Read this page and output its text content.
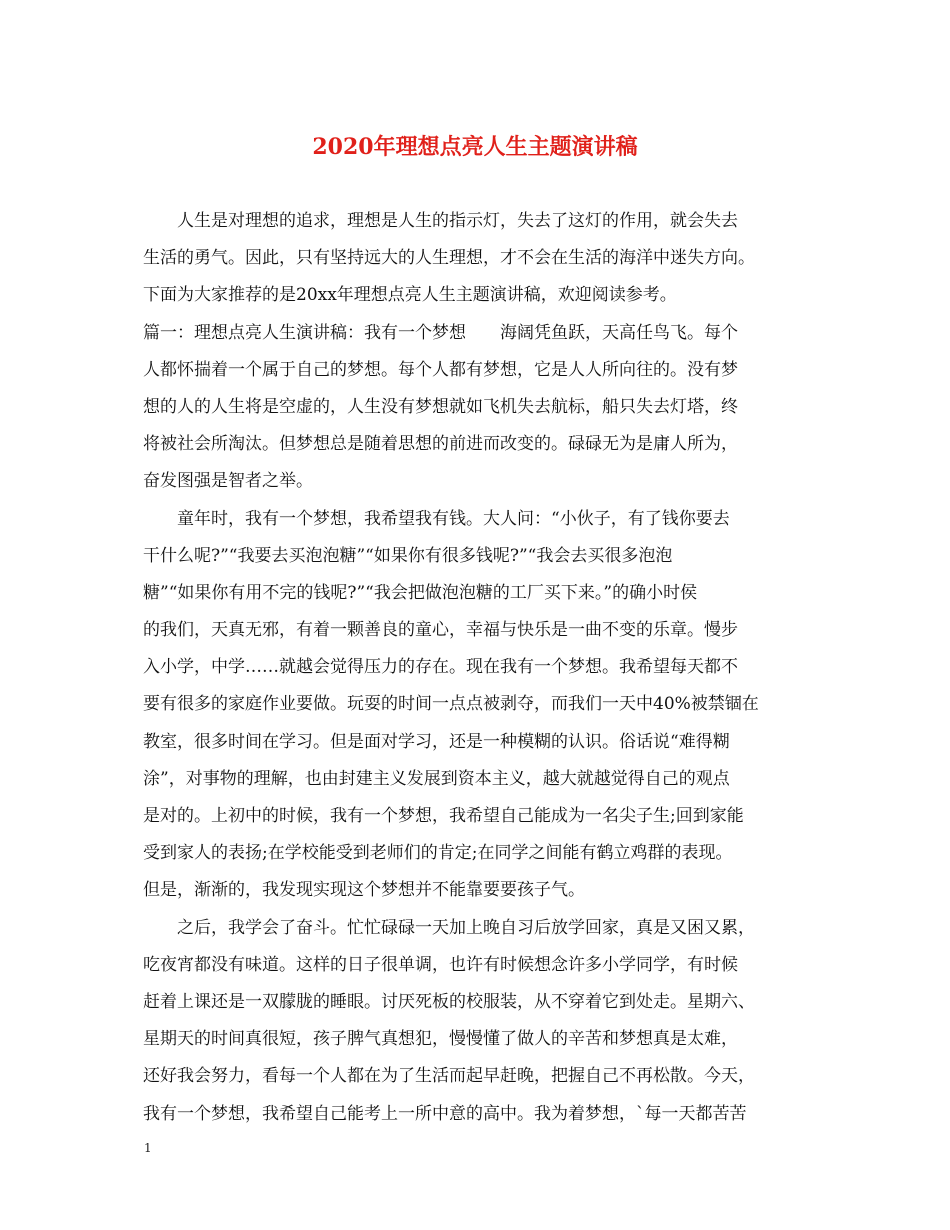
2020年理想点亮人生主题演讲稿
人生是对理想的追求，理想是人生的指示灯，失去了这灯的作用，就会失去
生活的勇气。因此，只有坚持远大的人生理想，才不会在生活的海洋中迷失方向。
下面为大家推荐的是20xx年理想点亮人生主题演讲稿，欢迎阅读参考。
篇一：理想点亮人生演讲稿：我有一个梦想　　海阔凭鱼跃，天高任鸟飞。每个
人都怀揣着一个属于自己的梦想。每个人都有梦想，它是人人所向往的。没有梦
想的人的人生将是空虚的，人生没有梦想就如飞机失去航标，船只失去灯塔，终
将被社会所淘汰。但梦想总是随着思想的前进而改变的。碌碌无为是庸人所为，
奋发图强是智者之举。
童年时，我有一个梦想，我希望我有钱。大人问：“小伙子，有了钱你要去
干什么呢?”“我要去买泡泡糖”“如果你有很多钱呢?”“我会去买很多泡泡
糖”“如果你有用不完的钱呢?”“我会把做泡泡糖的工厂买下来。”的确小时侯
的我们，天真无邪，有着一颗善良的童心，幸福与快乐是一曲不变的乐章。慢步
入小学，中学……就越会觉得压力的存在。现在我有一个梦想。我希望每天都不
要有很多的家庭作业要做。玩耍的时间一点点被剥夺，而我们一天中40%被禁锢在
教室，很多时间在学习。但是面对学习，还是一种模糊的认识。俗话说“难得糊
涂”，对事物的理解，也由封建主义发展到资本主义，越大就越觉得自己的观点
是对的。上初中的时候，我有一个梦想，我希望自己能成为一名尖子生;回到家能
受到家人的表扬;在学校能受到老师们的肯定;在同学之间能有鹤立鸡群的表现。
但是，渐渐的，我发现实现这个梦想并不能靠要要孩子气。
之后，我学会了奋斗。忙忙碌碌一天加上晚自习后放学回家，真是又困又累，
吃夜宵都没有味道。这样的日子很单调，也许有时候想念许多小学同学，有时候
赶着上课还是一双朦胧的睡眼。讨厌死板的校服装，从不穿着它到处走。星期六、
星期天的时间真很短，孩子脾气真想犯，慢慢懂了做人的辛苦和梦想真是太难，
还好我会努力，看每一个人都在为了生活而起早赶晚，把握自己不再松散。今天，
我有一个梦想，我希望自己能考上一所中意的高中。我为着梦想，`每一天都苦苦
1
